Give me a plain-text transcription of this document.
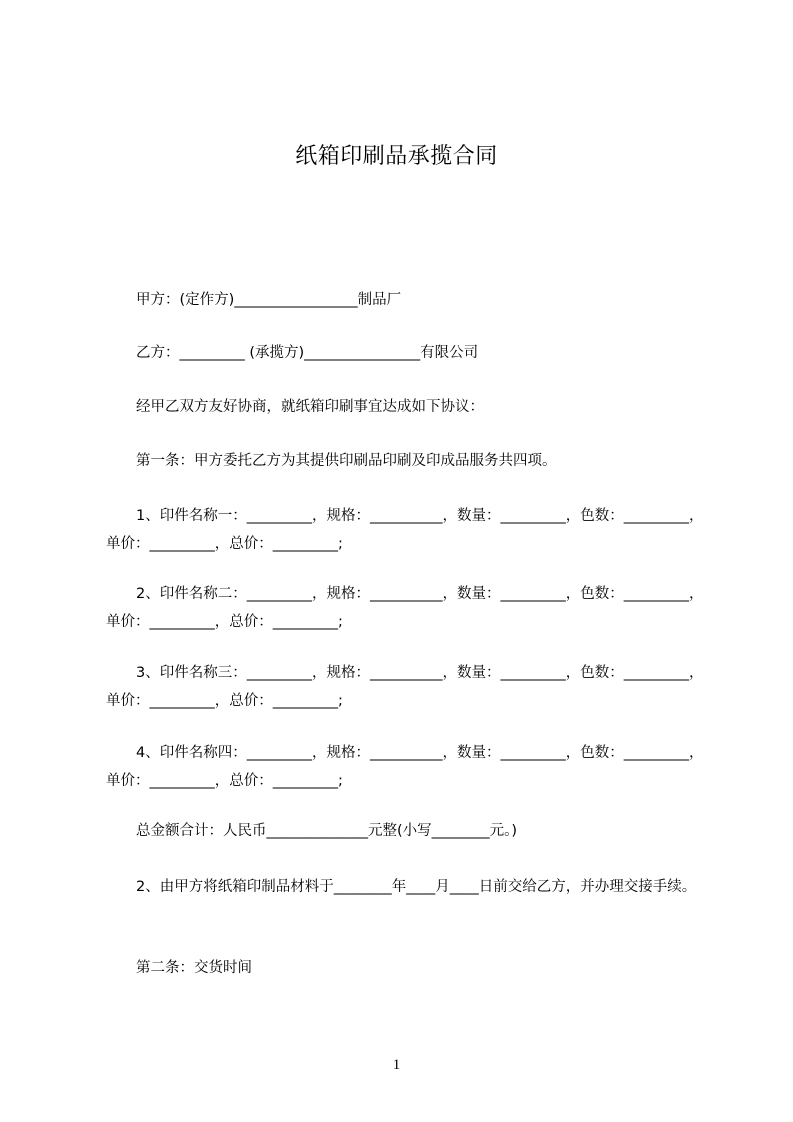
纸箱印刷品承揽合同
甲方：(定作方)_________________制品厂
乙方：_________ (承揽方)________________有限公司
经甲乙双方友好协商，就纸箱印刷事宜达成如下协议：
第一条：甲方委托乙方为其提供印刷品印刷及印成品服务共四项。
1、印件名称一：_________，规格：__________，数量：_________，色数：_________，单价：_________，总价：_________;
2、印件名称二：_________，规格：__________，数量：_________，色数：_________，单价：_________，总价：_________;
3、印件名称三：_________，规格：__________，数量：_________，色数：_________，单价：_________，总价：_________;
4、印件名称四：_________，规格：__________，数量：_________，色数：_________，单价：_________，总价：_________;
总金额合计：人民币______________元整(小写________元。)
2、由甲方将纸箱印制品材料于________年____月____日前交给乙方，并办理交接手续。
第二条：交货时间
1
